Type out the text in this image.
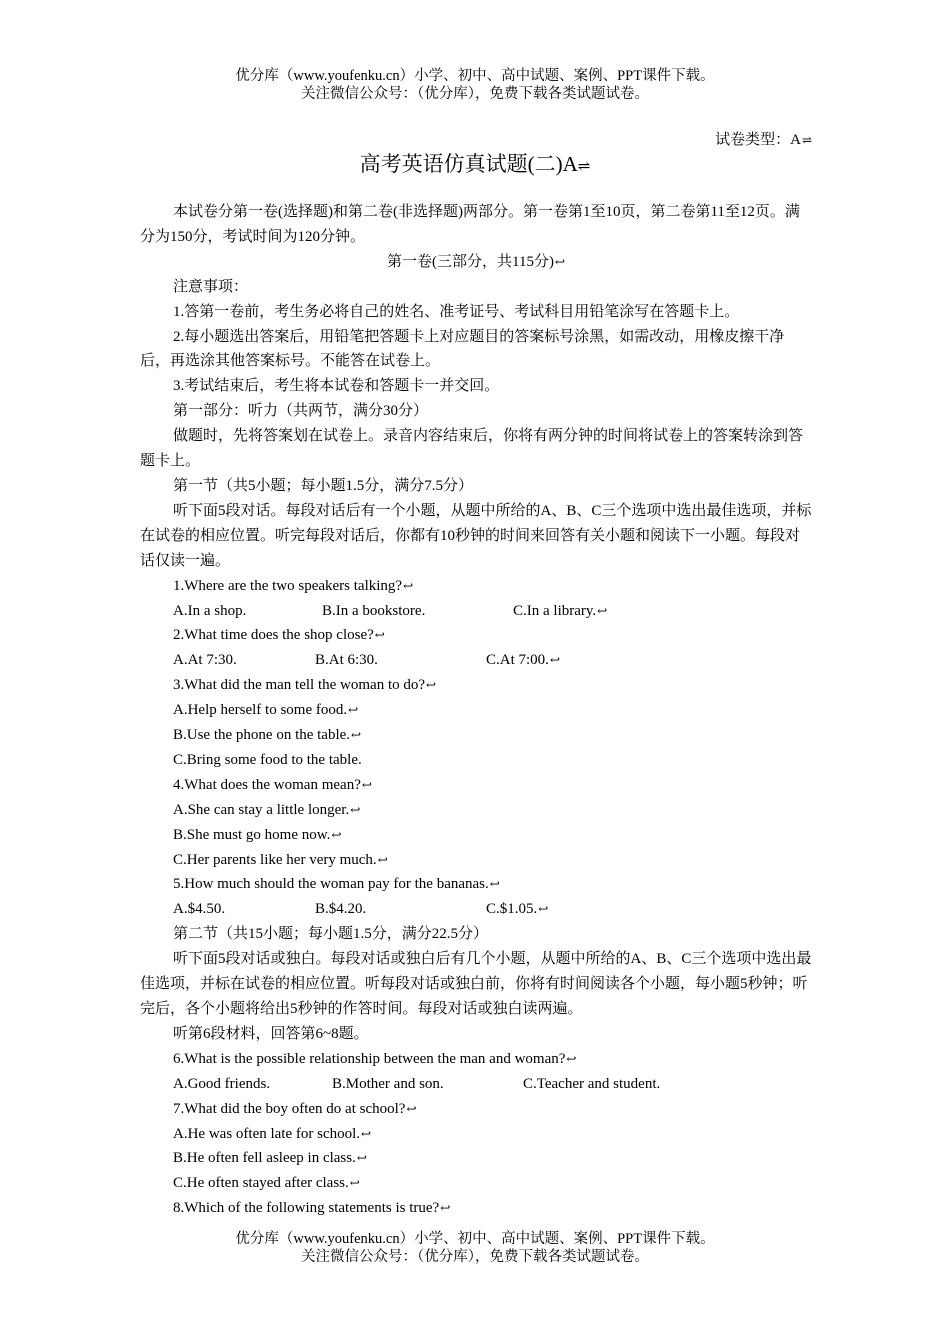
优分库（www.youfenku.cn）小学、初中、高中试题、案例、PPT课件下载。
关注微信公众号：（优分库），免费下载各类试题试卷。
试卷类型：A⇌
高考英语仿真试题(二)A⇌

本试卷分第一卷(选择题)和第二卷(非选择题)两部分。第一卷第1至10页，第二卷第11至12页。满分为150分，考试时间为120分钟。

第一卷(三部分，共115分)↩

注意事项：

1.答第一卷前，考生务必将自己的姓名、准考证号、考试科目用铅笔涂写在答题卡上。

2.每小题选出答案后，用铅笔把答题卡上对应题目的答案标号涂黑，如需改动，用橡皮擦干净后，再选涂其他答案标号。不能答在试卷上。

3.考试结束后，考生将本试卷和答题卡一并交回。

第一部分：听力（共两节，满分30分）

做题时，先将答案划在试卷上。录音内容结束后，你将有两分钟的时间将试卷上的答案转涂到答题卡上。

第一节（共5小题；每小题1.5分，满分7.5分）

听下面5段对话。每段对话后有一个小题，从题中所给的A、B、C三个选项中选出最佳选项，并标在试卷的相应位置。听完每段对话后，你都有10秒钟的时间来回答有关小题和阅读下一小题。每段对话仅读一遍。

1.Where are the two speakers talking?↩

A.In a shop.	B.In a bookstore.	C.In a library.↩

2.What time does the shop close?↩

A.At 7:30.	B.At 6:30.	C.At 7:00.↩

3.What did the man tell the woman to do?↩

A.Help herself to some food.↩

B.Use the phone on the table.↩

C.Bring some food to the table.

4.What does the woman mean?↩

A.She can stay a little longer.↩

B.She must go home now.↩

C.Her parents like her very much.↩

5.How much should the woman pay for the bananas.↩

A.$4.50.	B.$4.20.	C.$1.05.↩

第二节（共15小题；每小题1.5分，满分22.5分）

听下面5段对话或独白。每段对话或独白后有几个小题，从题中所给的A、B、C三个选项中选出最佳选项，并标在试卷的相应位置。听每段对话或独白前，你将有时间阅读各个小题，每小题5秒钟；听完后，各个小题将给出5秒钟的作答时间。每段对话或独白读两遍。

听第6段材料，回答第6~8题。

6.What is the possible relationship between the man and woman?↩

A.Good friends.	B.Mother and son.	C.Teacher and student.

7.What did the boy often do at school?↩

A.He was often late for school.↩

B.He often fell asleep in class.↩

C.He often stayed after class.↩

8.Which of the following statements is true?↩

优分库（www.youfenku.cn）小学、初中、高中试题、案例、PPT课件下载。
关注微信公众号：（优分库），免费下载各类试题试卷。
